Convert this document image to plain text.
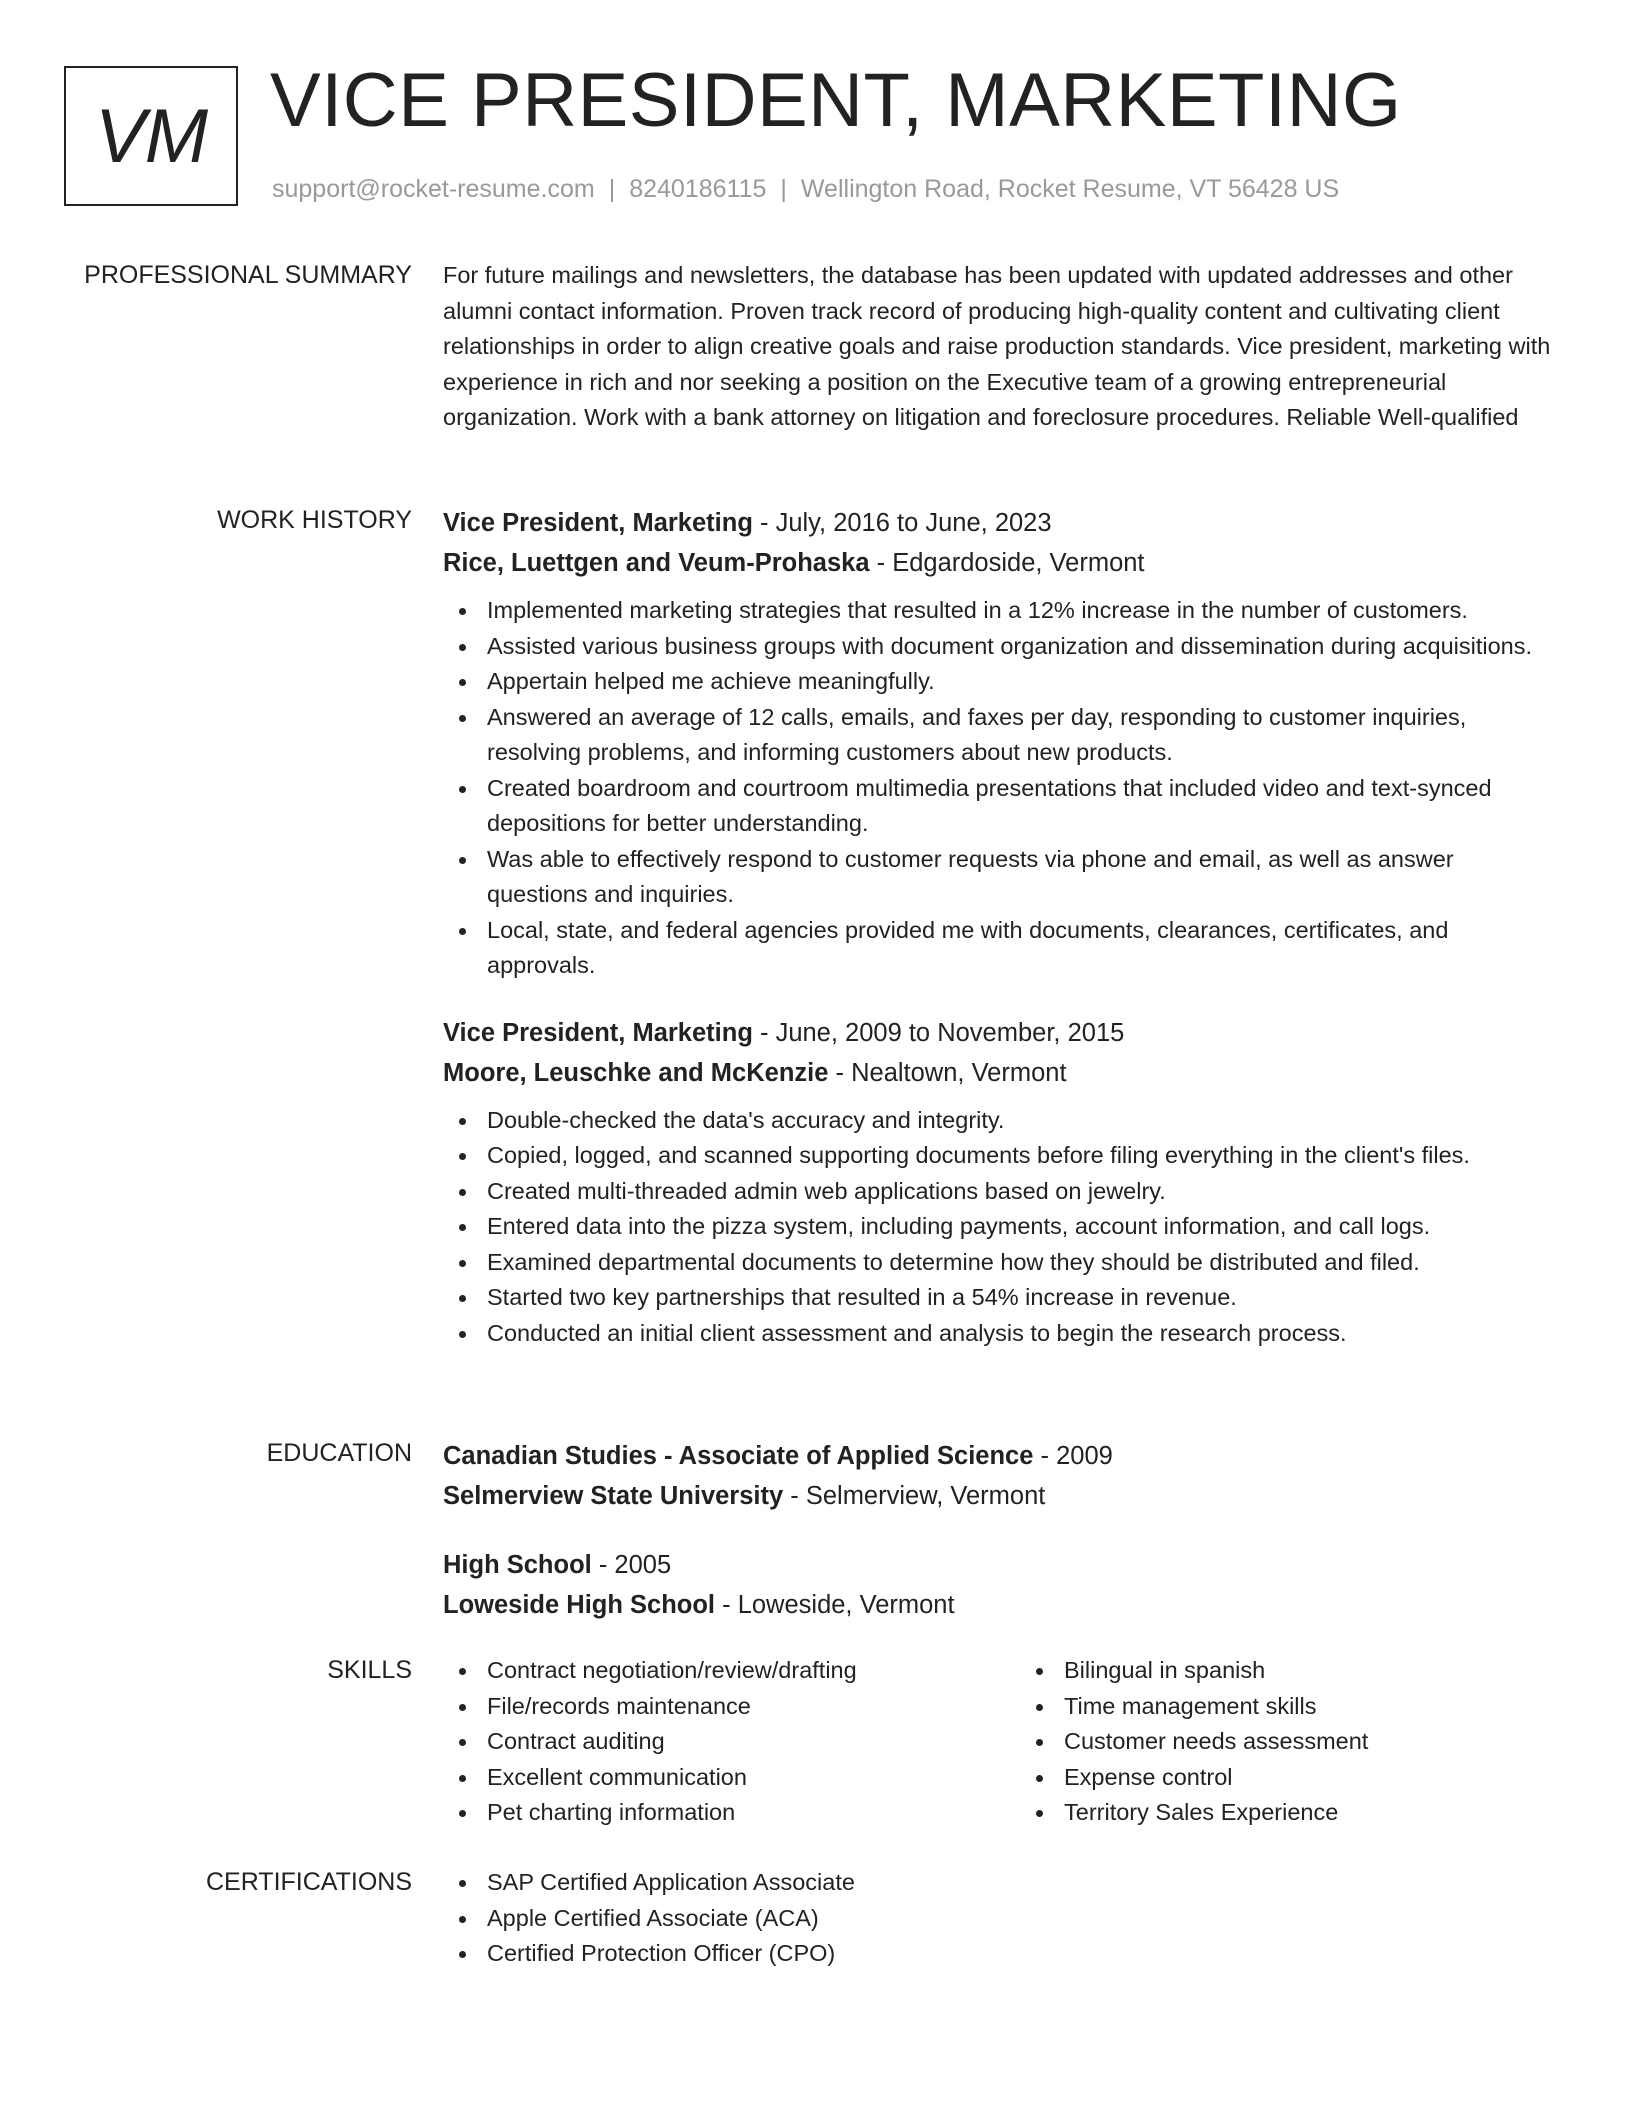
VM VICE PRESIDENT, MARKETING
support@rocket-resume.com | 8240186115 | Wellington Road, Rocket Resume, VT 56428 US
PROFESSIONAL SUMMARY For future mailings and newsletters, the database has been updated with updated addresses and other alumni contact information. Proven track record of producing high-quality content and cultivating client relationships in order to align creative goals and raise production standards. Vice president, marketing with experience in rich and nor seeking a position on the Executive team of a growing entrepreneurial organization. Work with a bank attorney on litigation and foreclosure procedures. Reliable Well-qualified

WORK HISTORY Vice President, Marketing - July, 2016 to June, 2023
Rice, Luettgen and Veum-Prohaska - Edgardoside, Vermont
Implemented marketing strategies that resulted in a 12% increase in the number of customers.
Assisted various business groups with document organization and dissemination during acquisitions.
Appertain helped me achieve meaningfully.
Answered an average of 12 calls, emails, and faxes per day, responding to customer inquiries, resolving problems, and informing customers about new products.
Created boardroom and courtroom multimedia presentations that included video and text-synced depositions for better understanding.
Was able to effectively respond to customer requests via phone and email, as well as answer questions and inquiries.
Local, state, and federal agencies provided me with documents, clearances, certificates, and approvals.
Vice President, Marketing - June, 2009 to November, 2015
Moore, Leuschke and McKenzie - Nealtown, Vermont
Double-checked the data's accuracy and integrity.
Copied, logged, and scanned supporting documents before filing everything in the client's files.
Created multi-threaded admin web applications based on jewelry.
Entered data into the pizza system, including payments, account information, and call logs.
Examined departmental documents to determine how they should be distributed and filed.
Started two key partnerships that resulted in a 54% increase in revenue.
Conducted an initial client assessment and analysis to begin the research process.
EDUCATION Canadian Studies - Associate of Applied Science - 2009
Selmerview State University - Selmerview, Vermont
High School - 2005
Loweside High School - Loweside, Vermont
SKILLS	Contract negotiation/review/drafting
File/records maintenance
Contract auditing
Excellent communication
Pet charting information
Bilingual in spanish
Time management skills
Customer needs assessment
Expense control
Territory Sales Experience
CERTIFICATIONS	SAP Certified Application Associate
Apple Certified Associate (ACA)
Certified Protection Officer (CPO)
